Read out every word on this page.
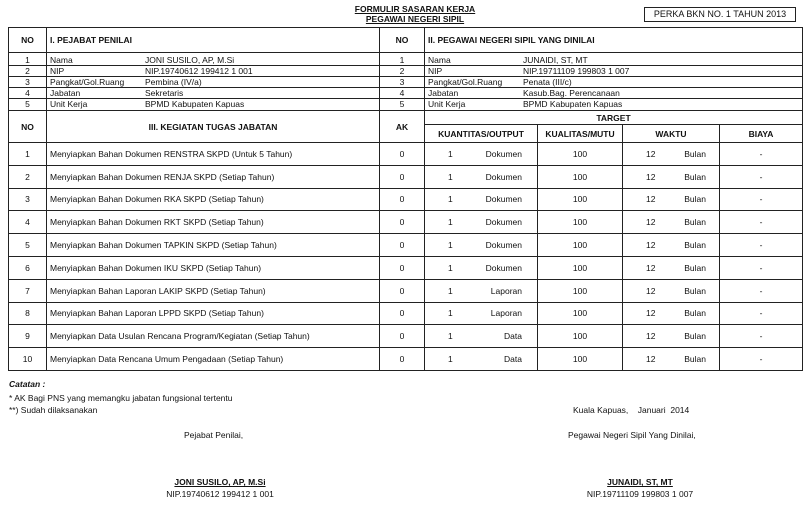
FORMULIR SASARAN KERJA
PEGAWAI NEGERI SIPIL	PERKA BKN NO. 1 TAHUN 2013
NO	I. PEJABAT PENILAI	NO	II. PEGAWAI NEGERI SIPIL YANG DINILAI			
1	Nama JONI SUSILO, AP, M.Si	1	Nama JUNAIDI, ST, MT			
2	NIP NIP.19740612 199412 1 001	2	NIP NIP.19711109 199803 1 007			
3	Pangkat/Gol.Ruang Pembina (IV/a)	3	Pangkat/Gol.Ruang Penata (III/c)			
4	Jabatan Sekretaris	4	Jabatan Kasub.Bag. Perencanaan			
5	Unit Kerja BPMD Kabupaten Kapuas	5	Unit Kerja BPMD Kabupaten Kapuas			
NO	III. KEGIATAN TUGAS JABATAN	AK	TARGET			
			KUANTITAS/OUTPUT	KUALITAS/MUTU	WAKTU	BIAYA
1	Menyiapkan Bahan Dokumen RENSTRA SKPD (Untuk 5 Tahun)	0	1 Dokumen	100	12 Bulan	-
2	Menyiapkan Bahan Dokumen RENJA SKPD (Setiap Tahun)	0	1 Dokumen	100	12 Bulan	-
3	Menyiapkan Bahan Dokumen RKA SKPD (Setiap Tahun)	0	1 Dokumen	100	12 Bulan	-
4	Menyiapkan Bahan Dokumen RKT SKPD (Setiap Tahun)	0	1 Dokumen	100	12 Bulan	-
5	Menyiapkan Bahan Dokumen TAPKIN SKPD (Setiap Tahun)	0	1 Dokumen	100	12 Bulan	-
6	Menyiapkan Bahan Dokumen IKU SKPD (Setiap Tahun)	0	1 Dokumen	100	12 Bulan	-
7	Menyiapkan Bahan Laporan LAKIP SKPD (Setiap Tahun)	0	1 Laporan	100	12 Bulan	-
8	Menyiapkan Bahan Laporan LPPD SKPD (Setiap Tahun)	0	1 Laporan	100	12 Bulan	-
9	Menyiapkan Data Usulan Rencana Program/Kegiatan (Setiap Tahun)	0	1 Data	100	12 Bulan	-
10	Menyiapkan Data Rencana Umum Pengadaan (Setiap Tahun)	0	1 Data	100	12 Bulan	-
Catatan :
* AK Bagi PNS yang memangku jabatan fungsional tertentu
**) Sudah dilaksanakan	Kuala Kapuas,    Januari  2014
Pejabat Penilai,	Pegawai Negeri Sipil Yang Dinilai,
JONI SUSILO, AP, M.Si
NIP.19740612 199412 1 001
JUNAIDI, ST, MT
NIP.19711109 199803 1 007
